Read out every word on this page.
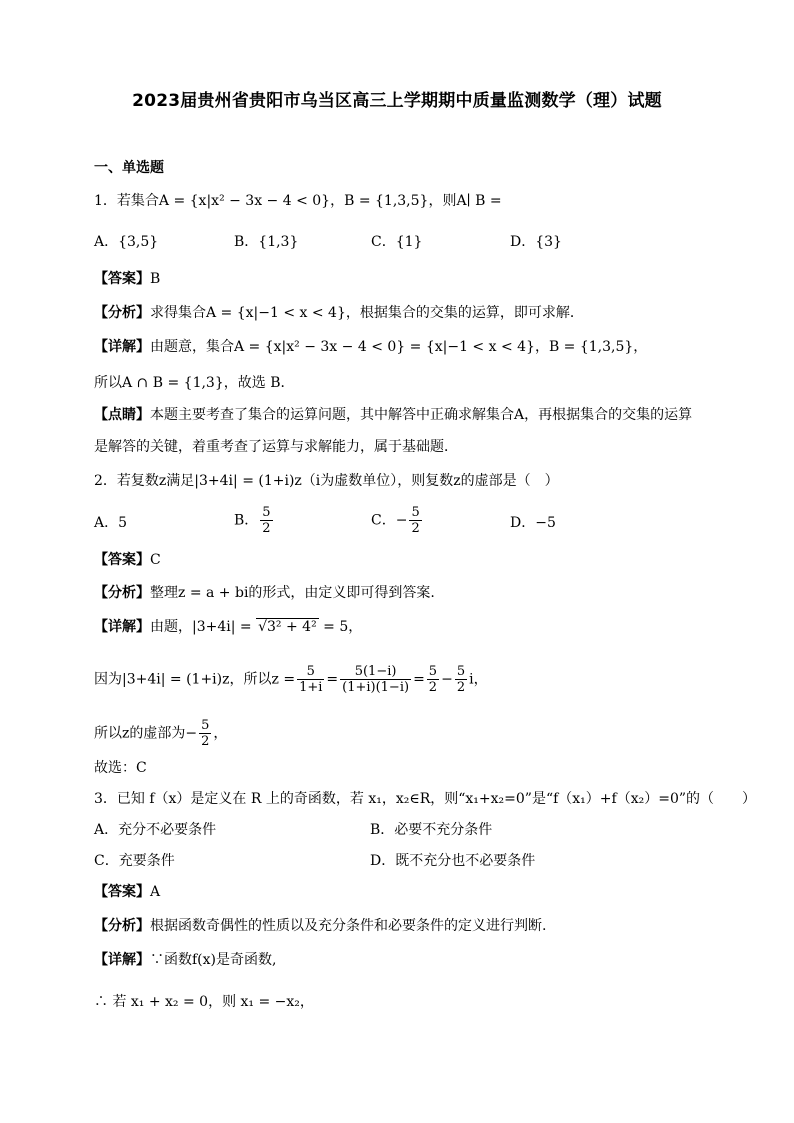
2023届贵州省贵阳市乌当区高三上学期期中质量监测数学（理）试题
一、单选题
1．若集合A = {x|x² − 3x − 4 < 0}，B = {1,3,5}，则A∣ B =
A．{3,5}	B．{1,3}	C．{1}	D．{3}
【答案】B
【分析】求得集合A = {x|−1 < x < 4}，根据集合的交集的运算，即可求解．
【详解】由题意，集合A = {x|x² − 3x − 4 < 0} = {x|−1 < x < 4}，B = {1,3,5}，
所以A ∩ B = {1,3}，故选 B．
【点睛】本题主要考查了集合的运算问题，其中解答中正确求解集合A，再根据集合的交集的运算
是解答的关键，着重考查了运算与求解能力，属于基础题．
2．若复数z满足|3+4i| = (1+i)z（i为虚数单位），则复数z的虚部是（　）
A．5	B． $\frac{5}{2}$	C．− $\frac{5}{2}$	D．−5
【答案】C
【分析】整理z = a + bi的形式，由定义即可得到答案.
【详解】由题，|3+4i| = √3² + 4² = 5，
因为|3+4i| = (1+i)z，所以$z = \frac{5}{1+i} = \frac{5(1-i)}{(1+i)(1-i)} = \frac{5}{2} - \frac{5}{2}$ i，
所以z的虚部为− $\frac{5}{2}$ ，
故选：C
3．已知 f（x）是定义在 R 上的奇函数，若 x₁，x₂∈R，则“x₁+x₂=0”是“f（x₁）+f（x₂）=0”的（　　）
A．充分不必要条件	B．必要不充分条件
C．充要条件	D．既不充分也不必要条件
【答案】A
【分析】根据函数奇偶性的性质以及充分条件和必要条件的定义进行判断.
【详解】∵函数f(x)是奇函数,
∴ 若 x₁ + x₂ = 0，则 x₁ = −x₂，
